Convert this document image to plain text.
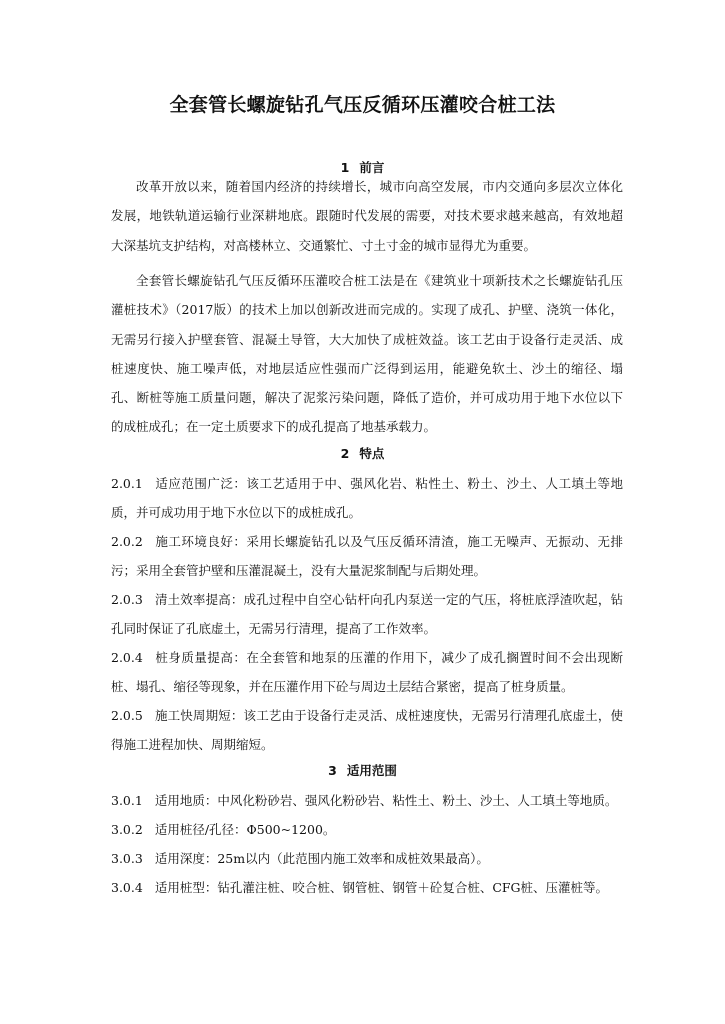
全套管长螺旋钻孔气压反循环压灌咬合桩工法
1 前言
改革开放以来，随着国内经济的持续增长，城市向高空发展，市内交通向多层次立体化发展，地铁轨道运输行业深耕地底。跟随时代发展的需要，对技术要求越来越高，有效地超大深基坑支护结构，对高楼林立、交通繁忙、寸土寸金的城市显得尤为重要。
全套管长螺旋钻孔气压反循环压灌咬合桩工法是在《建筑业十项新技术之长螺旋钻孔压灌桩技术》（2017版）的技术上加以创新改进而完成的。实现了成孔、护壁、浇筑一体化，无需另行接入护壁套管、混凝土导管，大大加快了成桩效益。该工艺由于设备行走灵活、成桩速度快、施工噪声低，对地层适应性强而广泛得到运用，能避免软土、沙土的缩径、塌孔、断桩等施工质量问题，解决了泥浆污染问题，降低了造价，并可成功用于地下水位以下的成桩成孔；在一定土质要求下的成孔提高了地基承载力。
2 特点
2.0.1 适应范围广泛：该工艺适用于中、强风化岩、粘性土、粉土、沙土、人工填土等地质，并可成功用于地下水位以下的成桩成孔。
2.0.2 施工环境良好：采用长螺旋钻孔以及气压反循环清渣，施工无噪声、无振动、无排污；采用全套管护壁和压灌混凝土，没有大量泥浆制配与后期处理。
2.0.3 清土效率提高：成孔过程中自空心钻杆向孔内泵送一定的气压，将桩底浮渣吹起，钻孔同时保证了孔底虚土，无需另行清理，提高了工作效率。
2.0.4 桩身质量提高：在全套管和地泵的压灌的作用下，减少了成孔搁置时间不会出现断桩、塌孔、缩径等现象，并在压灌作用下砼与周边土层结合紧密，提高了桩身质量。
2.0.5 施工快周期短：该工艺由于设备行走灵活、成桩速度快，无需另行清理孔底虚土，使得施工进程加快、周期缩短。
3 适用范围
3.0.1 适用地质：中风化粉砂岩、强风化粉砂岩、粘性土、粉土、沙土、人工填土等地质。
3.0.2 适用桩径/孔径：Φ500~1200。
3.0.3 适用深度：25m以内（此范围内施工效率和成桩效果最高）。
3.0.4 适用桩型：钻孔灌注桩、咬合桩、钢管桩、钢管＋砼复合桩、CFG桩、压灌桩等。
